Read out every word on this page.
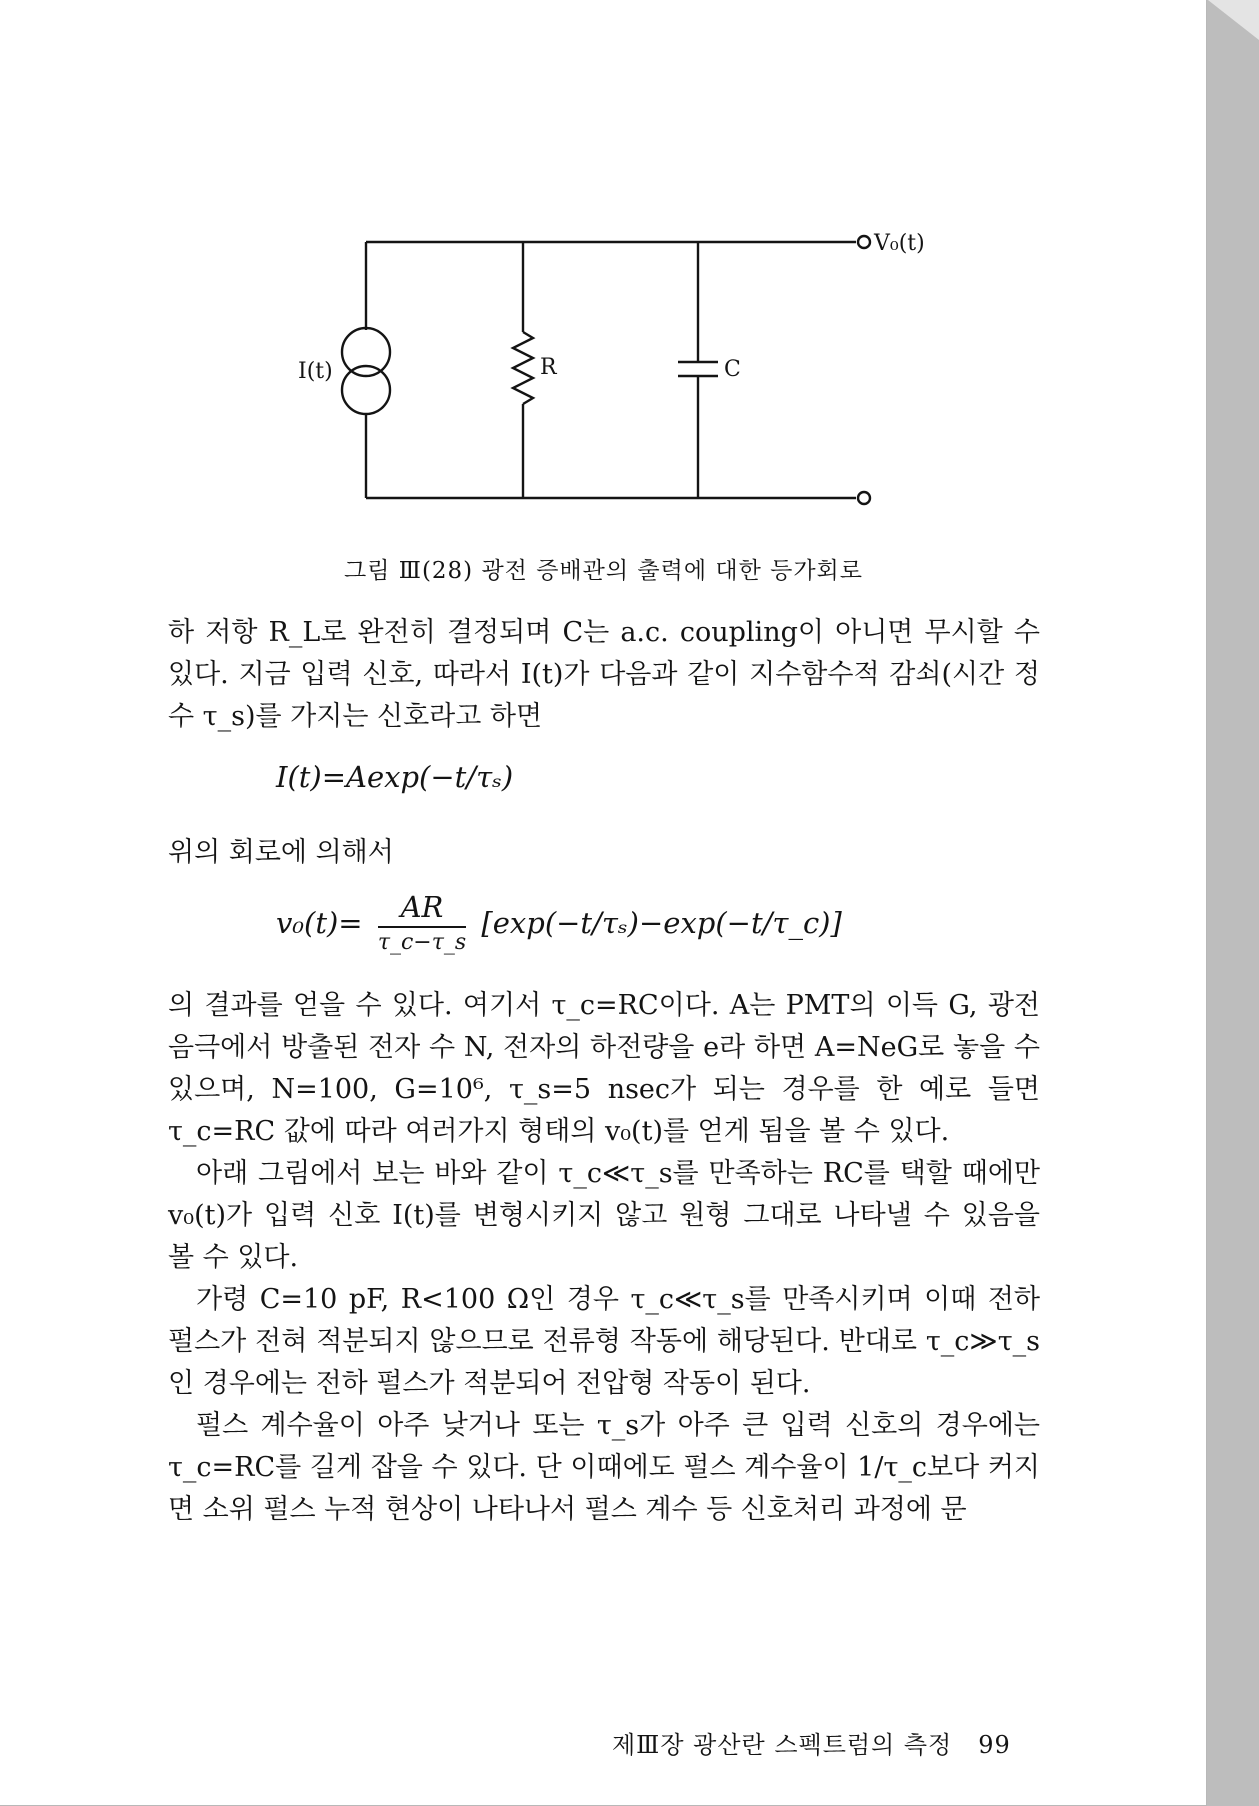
I(t)	R	C
V₀(t)
그림 Ⅲ(28) 광전 증배관의 출력에 대한 등가회로

하 저항 R_L로 완전히 결정되며 C는 a.c. coupling이 아니면 무시할 수 있다. 지금 입력 신호, 따라서 I(t)가 다음과 같이 지수함수적 감쇠(시간 정수 τ_s)를 가지는 신호라고 하면

I(t)=Aexp(−t/τₛ)
위의 회로에 의해서
$v_0(t)= \frac{AR}{\tau\_c-\tau\_s}$ [exp(−t/τₛ)−exp(−t/τ_c)]

의 결과를 얻을 수 있다. 여기서 τ_c=RC이다. A는 PMT의 이득 G, 광전 음극에서 방출된 전자 수 N, 전자의 하전량을 e라 하면 A=NeG로 놓을 수 있으며, N=100, G=10⁶, τ_s=5 nsec가 되는 경우를 한 예로 들면 τ_c=RC 값에 따라 여러가지 형태의 v₀(t)를 얻게 됨을 볼 수 있다.

아래 그림에서 보는 바와 같이 τ_c≪τ_s를 만족하는 RC를 택할 때에만 v₀(t)가 입력 신호 I(t)를 변형시키지 않고 원형 그대로 나타낼 수 있음을 볼 수 있다.

가령 C=10 pF, R<100 Ω인 경우 τ_c≪τ_s를 만족시키며 이때 전하 펄스가 전혀 적분되지 않으므로 전류형 작동에 해당된다. 반대로 τ_c≫τ_s인 경우에는 전하 펄스가 적분되어 전압형 작동이 된다.

펄스 계수율이 아주 낮거나 또는 τ_s가 아주 큰 입력 신호의 경우에는 τ_c=RC를 길게 잡을 수 있다. 단 이때에도 펄스 계수율이 1/τ_c보다 커지면 소위 펄스 누적 현상이 나타나서 펄스 계수 등 신호처리 과정에 문

제Ⅲ장 광산란 스펙트럼의 측정 99
